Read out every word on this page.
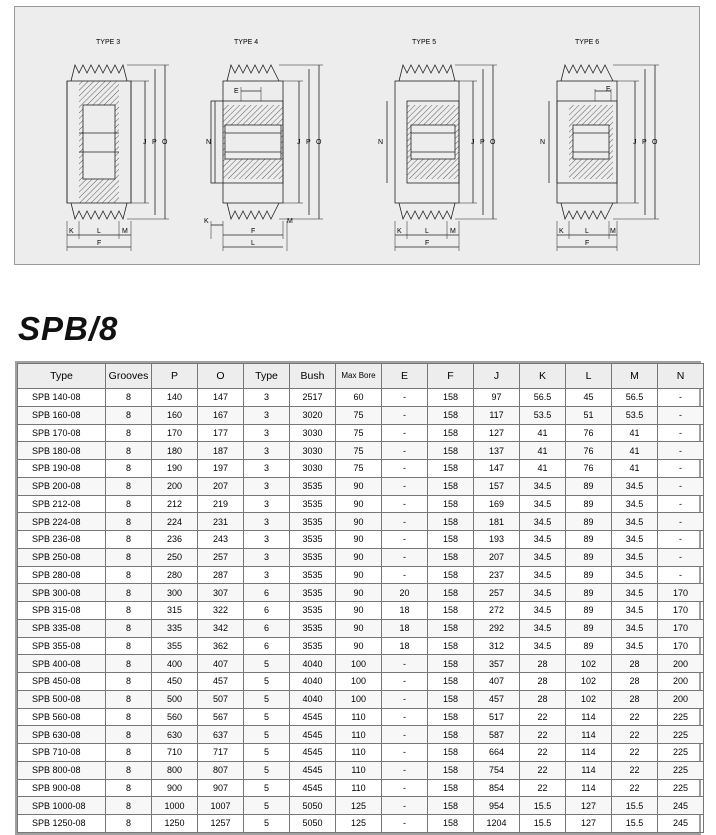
TYPE 3
J P O
K	L	M
F
TYPE 4
E
N	J P O
K
F
L
M
TYPE 5
N	J P O
K	L	M
F
TYPE 6
E
N	J P O
K	L	M
F
SPB/8
Type	Grooves	P	O	Type	Bush	Max Bore	E	F	J	K	L	M	N
SPB 140-08	8	140	147	3	2517	60	-	158	97	56.5	45	56.5	-
SPB 160-08	8	160	167	3	3020	75	-	158	117	53.5	51	53.5	-
SPB 170-08	8	170	177	3	3030	75	-	158	127	41	76	41	-
SPB 180-08	8	180	187	3	3030	75	-	158	137	41	76	41	-
SPB 190-08	8	190	197	3	3030	75	-	158	147	41	76	41	-
SPB 200-08	8	200	207	3	3535	90	-	158	157	34.5	89	34.5	-
SPB 212-08	8	212	219	3	3535	90	-	158	169	34.5	89	34.5	-
SPB 224-08	8	224	231	3	3535	90	-	158	181	34.5	89	34.5	-
SPB 236-08	8	236	243	3	3535	90	-	158	193	34.5	89	34.5	-
SPB 250-08	8	250	257	3	3535	90	-	158	207	34.5	89	34.5	-
SPB 280-08	8	280	287	3	3535	90	-	158	237	34.5	89	34.5	-
SPB 300-08	8	300	307	6	3535	90	20	158	257	34.5	89	34.5	170
SPB 315-08	8	315	322	6	3535	90	18	158	272	34.5	89	34.5	170
SPB 335-08	8	335	342	6	3535	90	18	158	292	34.5	89	34.5	170
SPB 355-08	8	355	362	6	3535	90	18	158	312	34.5	89	34.5	170
SPB 400-08	8	400	407	5	4040	100	-	158	357	28	102	28	200
SPB 450-08	8	450	457	5	4040	100	-	158	407	28	102	28	200
SPB 500-08	8	500	507	5	4040	100	-	158	457	28	102	28	200
SPB 560-08	8	560	567	5	4545	110	-	158	517	22	114	22	225
SPB 630-08	8	630	637	5	4545	110	-	158	587	22	114	22	225
SPB 710-08	8	710	717	5	4545	110	-	158	664	22	114	22	225
SPB 800-08	8	800	807	5	4545	110	-	158	754	22	114	22	225
SPB 900-08	8	900	907	5	4545	110	-	158	854	22	114	22	225
SPB 1000-08	8	1000	1007	5	5050	125	-	158	954	15.5	127	15.5	245
SPB 1250-08	8	1250	1257	5	5050	125	-	158	1204	15.5	127	15.5	245
